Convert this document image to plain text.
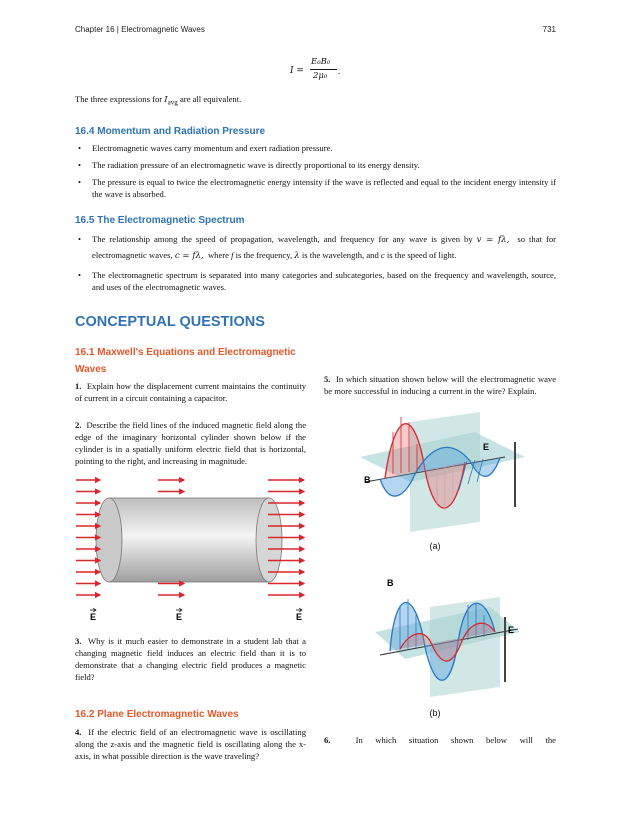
Chapter 16 | Electromagnetic Waves	731
I =
E₀B₀
2μ₀ .
The three expressions for $I_{avg}$ are all equivalent.
16.4 Momentum and Radiation Pressure
• Electromagnetic waves carry momentum and exert radiation pressure.
• The radiation pressure of an electromagnetic wave is directly proportional to its energy density.
• The pressure is equal to twice the electromagnetic energy intensity if the wave is reflected and equal to the incident energy intensity if the wave is absorbed.
16.5 The Electromagnetic Spectrum
• The relationship among the speed of propagation, wavelength, and frequency for any wave is given by v = fλ, so that for electromagnetic waves, c = fλ, where f is the frequency, λ is the wavelength, and c is the speed of light.
• The electromagnetic spectrum is separated into many categories and subcategories, based on the frequency and wavelength, source, and uses of the electromagnetic waves.
CONCEPTUAL QUESTIONS
16.1 Maxwell's Equations and Electromagnetic
Waves
1. Explain how the displacement current maintains the continuity of current in a circuit containing a capacitor.
2. Describe the field lines of the induced magnetic field along the edge of the imaginary horizontal cylinder shown below if the cylinder is in a spatially uniform electric field that is horizontal, pointing to the right, and increasing in magnitude.
E	E	E
3. Why is it much easier to demonstrate in a student lab that a changing magnetic field induces an electric field than it is to demonstrate that a changing electric field produces a magnetic field?
16.2 Plane Electromagnetic Waves
4. If the electric field of an electromagnetic wave is oscillating along the z-axis and the magnetic field is oscillating along the x-axis, in what possible direction is the wave traveling?
5. In which situation shown below will the electromagnetic wave be more successful in inducing a current in the wire? Explain.
E
B
(a)
E
B
(b)
6.	In which situation shown below will the
